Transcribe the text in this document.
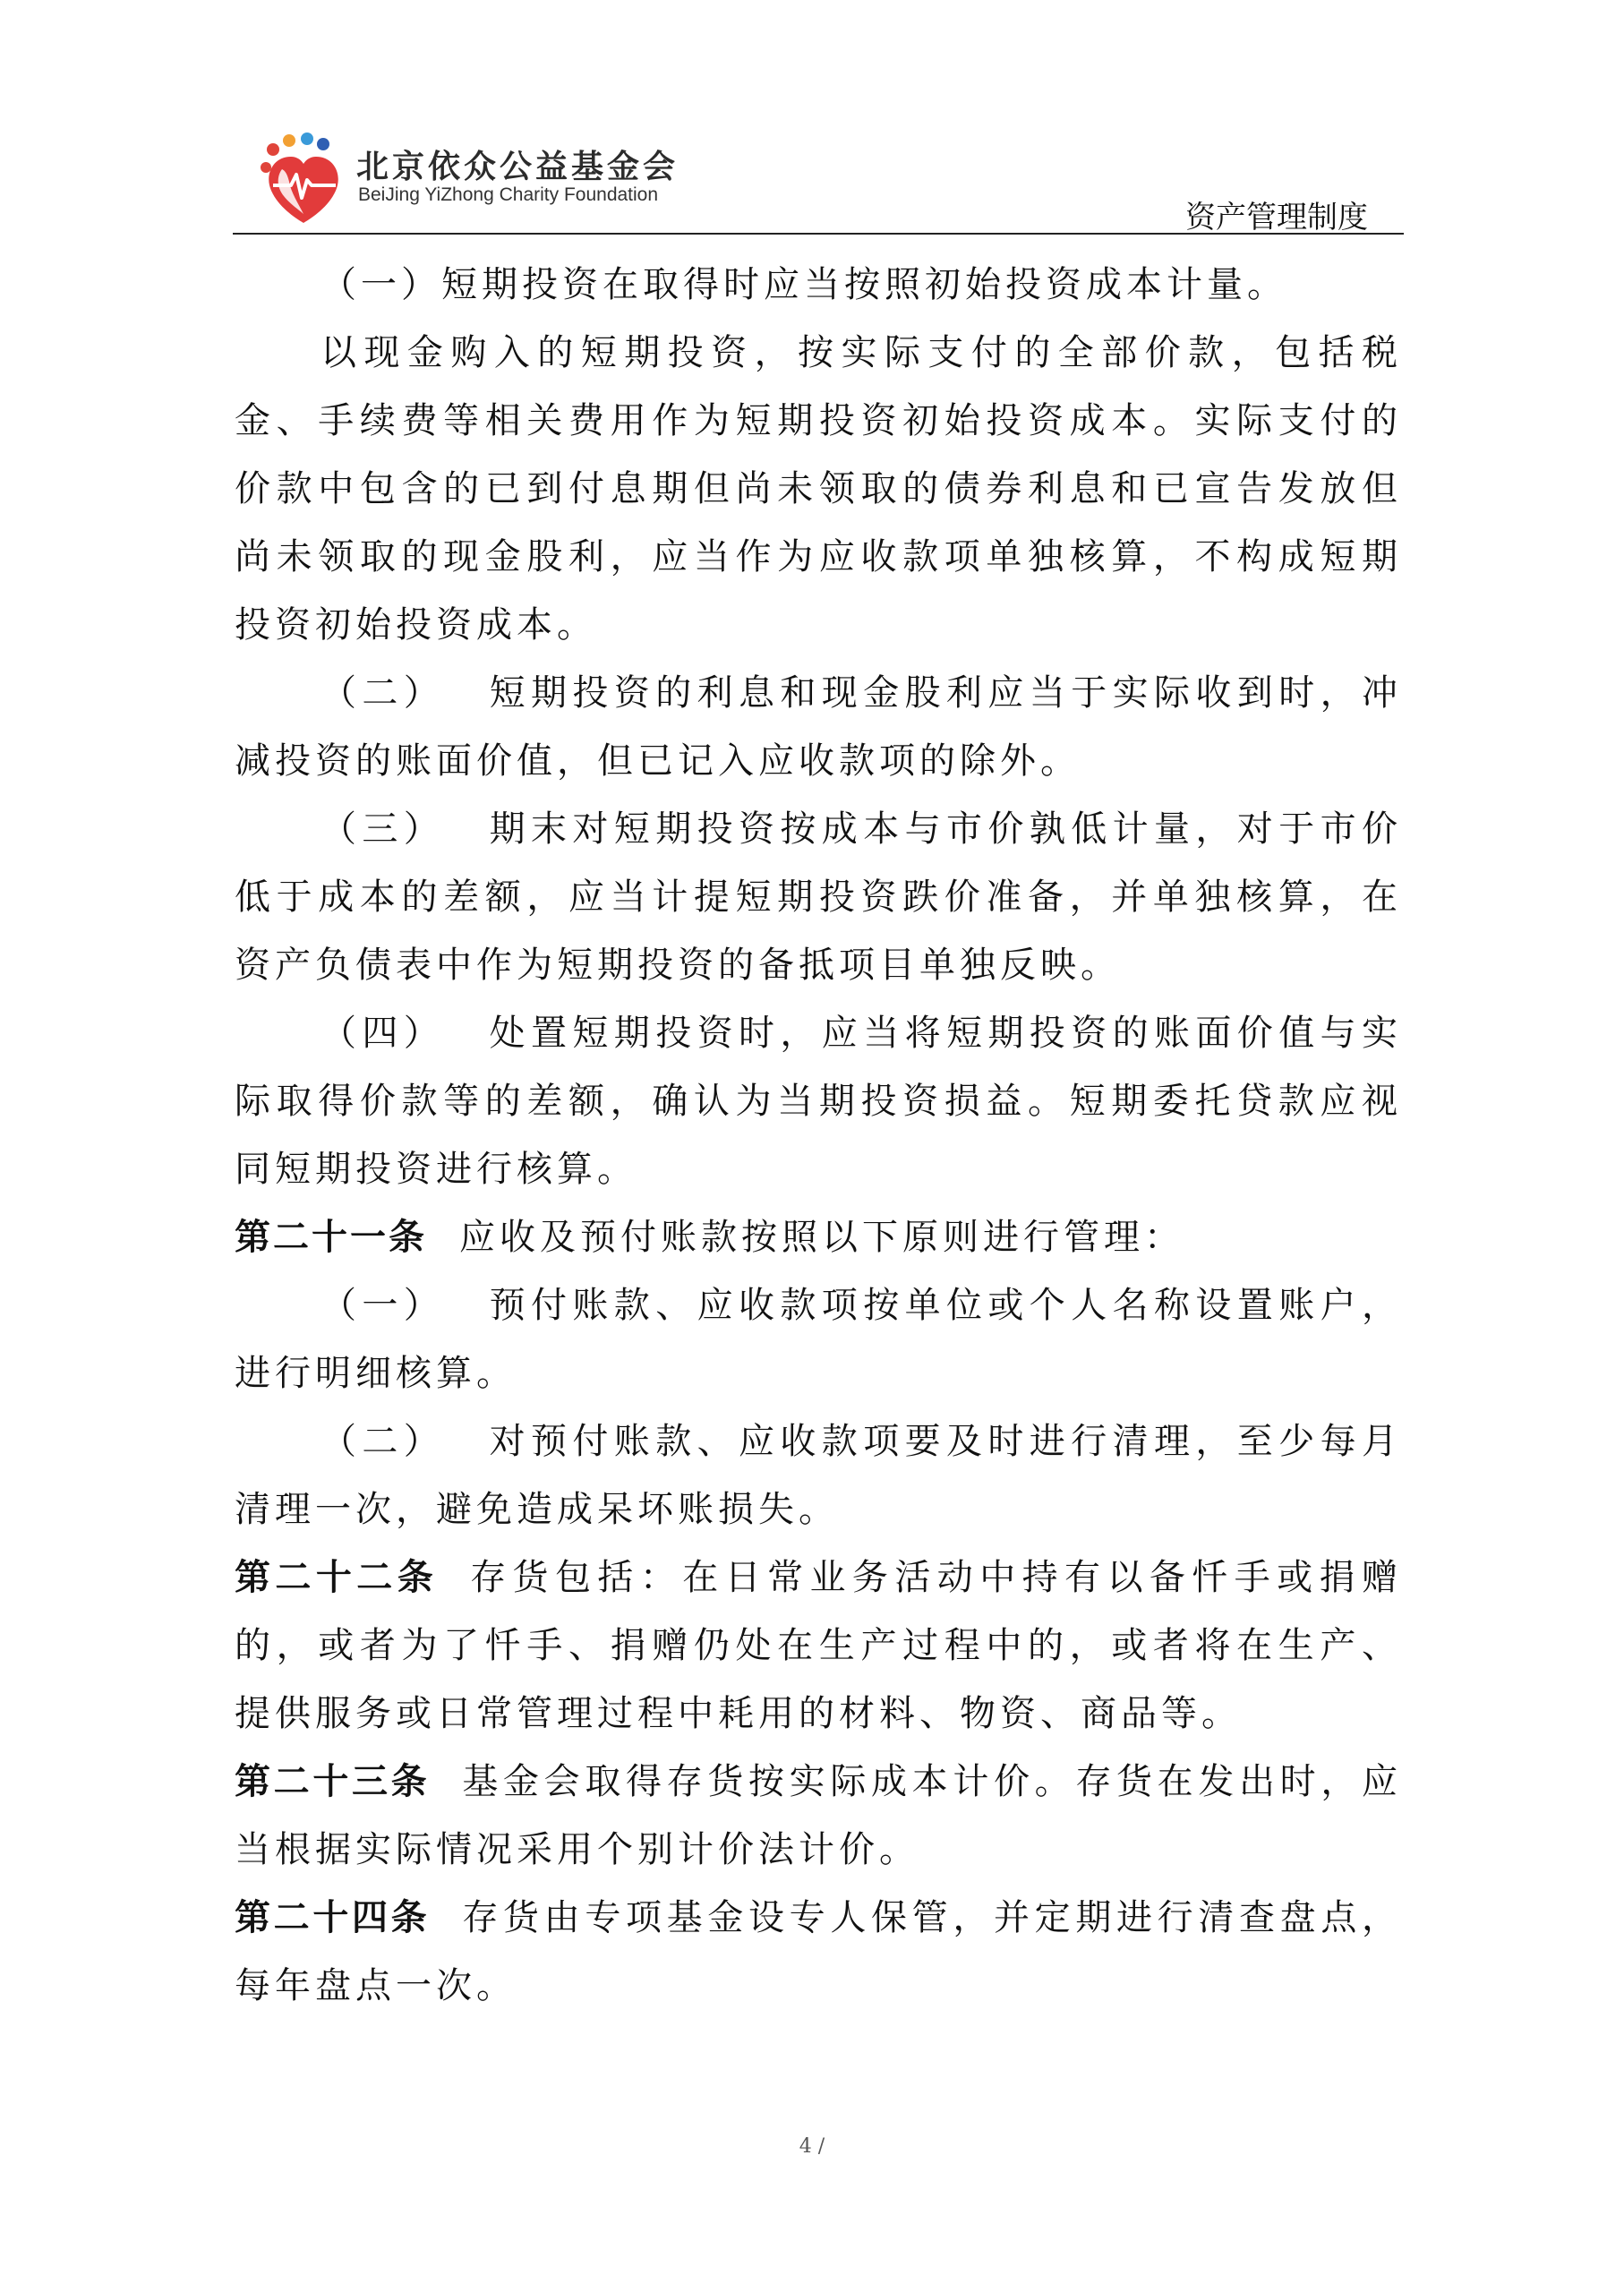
北京依众公益基金会
BeiJing YiZhong Charity Foundation
资产管理制度

（一）短期投资在取得时应当按照初始投资成本计量。

以现金购入的短期投资，按实际支付的全部价款，包括税金、手续费等相关费用作为短期投资初始投资成本。实际支付的价款中包含的已到付息期但尚未领取的债券利息和已宣告发放但尚未领取的现金股利，应当作为应收款项单独核算，不构成短期投资初始投资成本。

（二） 短期投资的利息和现金股利应当于实际收到时，冲减投资的账面价值，但已记入应收款项的除外。

（三） 期末对短期投资按成本与市价孰低计量，对于市价低于成本的差额，应当计提短期投资跌价准备，并单独核算，在资产负债表中作为短期投资的备抵项目单独反映。

（四） 处置短期投资时，应当将短期投资的账面价值与实际取得价款等的差额，确认为当期投资损益。短期委托贷款应视同短期投资进行核算。

第二十一条 应收及预付账款按照以下原则进行管理：

（一） 预付账款、应收款项按单位或个人名称设置账户，进行明细核算。

（二） 对预付账款、应收款项要及时进行清理，至少每月清理一次，避免造成呆坏账损失。

第二十二条 存货包括：在日常业务活动中持有以备忏手或捐赠的，或者为了忏手、捐赠仍处在生产过程中的，或者将在生产、提供服务或日常管理过程中耗用的材料、物资、商品等。

第二十三条 基金会取得存货按实际成本计价。存货在发出时，应当根据实际情况采用个别计价法计价。

第二十四条 存货由专项基金设专人保管，并定期进行清查盘点，每年盘点一次。

4 /
